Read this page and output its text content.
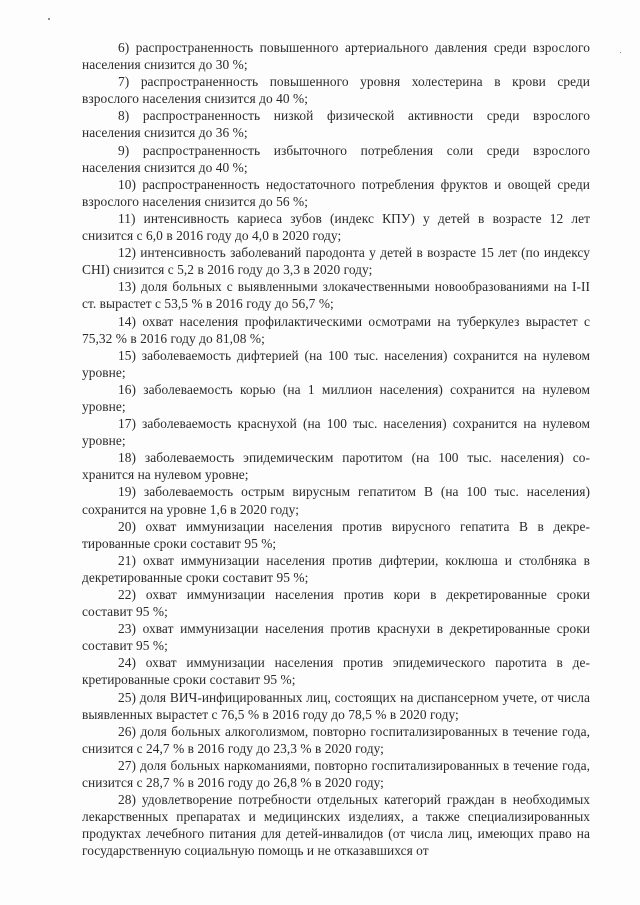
6) распространенность повышенного артериального давления среди взрослого населения снизится до 30 %;

7) распространенность повышенного уровня холестерина в крови среди взрослого населения снизится до 40 %;

8) распространенность низкой физической активности среди взрослого населения снизится до 36 %;

9) распространенность избыточного потребления соли среди взрослого населения снизится до 40 %;

10) распространенность недостаточного потребления фруктов и овощей среди взрослого населения снизится до 56 %;

11) интенсивность кариеса зубов (индекс КПУ) у детей в возрасте 12 лет снизится с 6,0 в 2016 году до 4,0 в 2020 году;

12) интенсивность заболеваний пародонта у детей в возрасте 15 лет (по индексу CHI) снизится с 5,2 в 2016 году до 3,3 в 2020 году;

13) доля больных с выявленными злокачественными новообразованиями на I-II ст. вырастет с 53,5 % в 2016 году до 56,7 %;

14) охват населения профилактическими осмотрами на туберкулез вырастет с 75,32 % в 2016 году до 81,08 %;

15) заболеваемость дифтерией (на 100 тыс. населения) сохранится на нулевом уровне;

16) заболеваемость корью (на 1 миллион населения) сохранится на нулевом уровне;

17) заболеваемость краснухой (на 100 тыс. населения) сохранится на нулевом уровне;

18) заболеваемость эпидемическим паротитом (на 100 тыс. населения) сохранится на нулевом уровне;

19) заболеваемость острым вирусным гепатитом В (на 100 тыс. населения) сохранится на уровне 1,6 в 2020 году;

20) охват иммунизации населения против вирусного гепатита В в декретированные сроки составит 95 %;

21) охват иммунизации населения против дифтерии, коклюша и столбняка в декретированные сроки составит 95 %;

22) охват иммунизации населения против кори в декретированные сроки составит 95 %;

23) охват иммунизации населения против краснухи в декретированные сроки составит 95 %;

24) охват иммунизации населения против эпидемического паротита в декретированные сроки составит 95 %;

25) доля ВИЧ-инфицированных лиц, состоящих на диспансерном учете, от числа выявленных вырастет с 76,5 % в 2016 году до 78,5 % в 2020 году;

26) доля больных алкоголизмом, повторно госпитализированных в течение года, снизится с 24,7 % в 2016 году до 23,3 % в 2020 году;

27) доля больных наркоманиями, повторно госпитализированных в течение года, снизится с 28,7 % в 2016 году до 26,8 % в 2020 году;

28) удовлетворение потребности отдельных категорий граждан в необходимых лекарственных препаратах и медицинских изделиях, а также специализированных продуктах лечебного питания для детей-инвалидов (от числа лиц, имеющих право на государственную социальную помощь и не отказавшихся от
